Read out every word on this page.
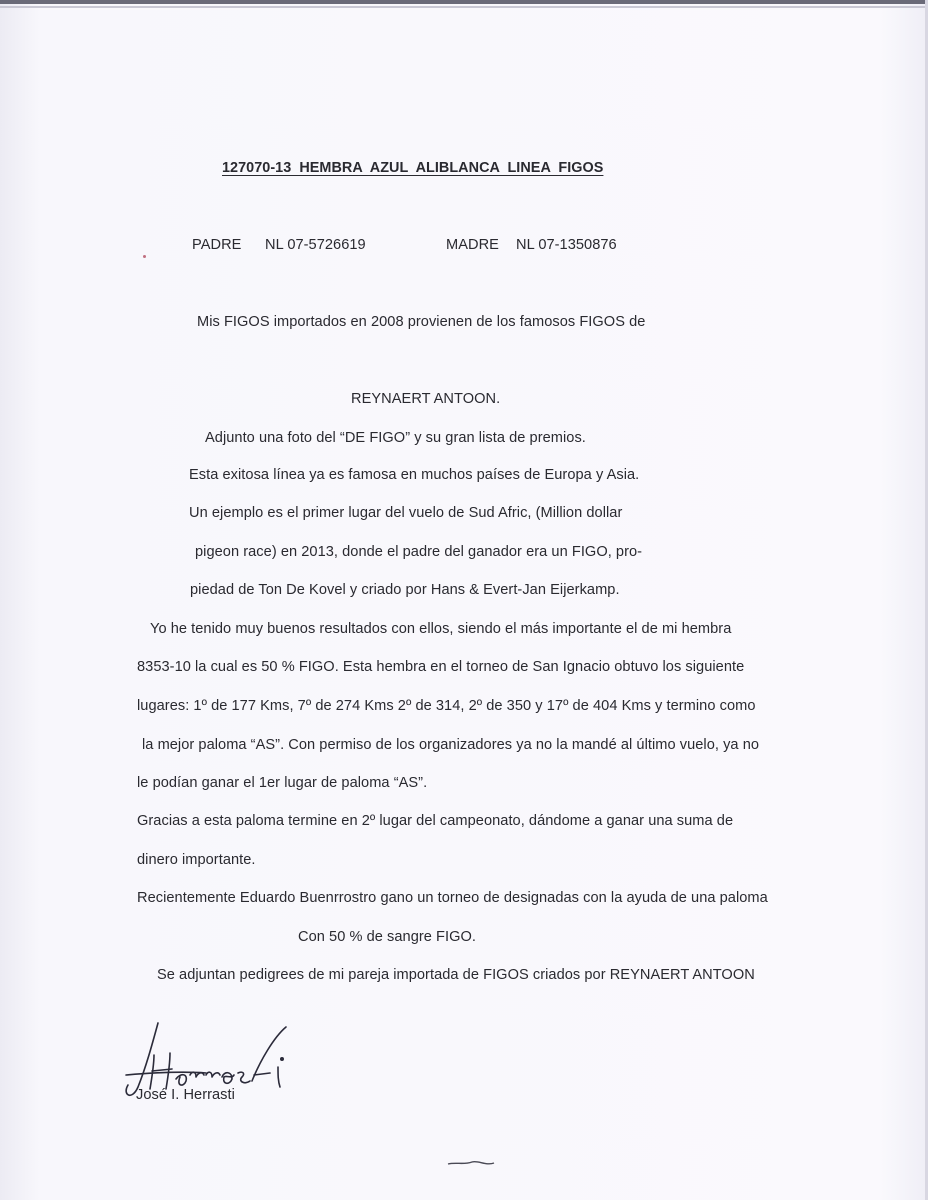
127070-13 HEMBRA AZUL ALIBLANCA LINEA FIGOS
PADRE NL 07-5726619	MADRE NL 07-1350876
Mis FIGOS importados en 2008 provienen de los famosos FIGOS de
REYNAERT ANTOON.
Adjunto una foto del “DE FIGO” y su gran lista de premios.
Esta exitosa línea ya es famosa en muchos países de Europa y Asia.
Un ejemplo es el primer lugar del vuelo de Sud Afric, (Million dollar
pigeon race) en 2013, donde el padre del ganador era un FIGO, pro-
piedad de Ton De Kovel y criado por Hans & Evert-Jan Eijerkamp.
Yo he tenido muy buenos resultados con ellos, siendo el más importante el de mi hembra
8353-10 la cual es 50 % FIGO. Esta hembra en el torneo de San Ignacio obtuvo los siguiente
lugares: 1º de 177 Kms, 7º de 274 Kms 2º de 314, 2º de 350 y 17º de 404 Kms y termino como
la mejor paloma “AS”. Con permiso de los organizadores ya no la mandé al último vuelo, ya no
le podían ganar el 1er lugar de paloma “AS”.
Gracias a esta paloma termine en 2º lugar del campeonato, dándome a ganar una suma de
dinero importante.
Recientemente Eduardo Buenrrostro gano un torneo de designadas con la ayuda de una paloma
Con 50 % de sangre FIGO.
Se adjuntan pedigrees de mi pareja importada de FIGOS criados por REYNAERT ANTOON
José I. Herrasti
